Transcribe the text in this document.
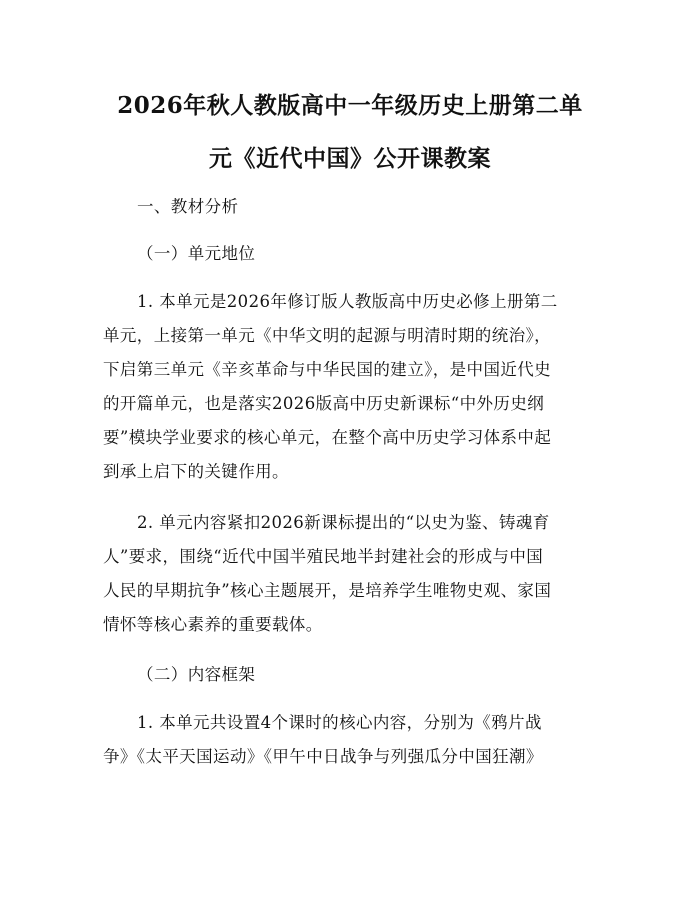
2026年秋人教版高中一年级历史上册第二单
元《近代中国》公开课教案
一、教材分析
（一）单元地位
1. 本单元是2026年修订版人教版高中历史必修上册第二
单元，上接第一单元《中华文明的起源与明清时期的统治》，
下启第三单元《辛亥革命与中华民国的建立》，是中国近代史
的开篇单元，也是落实2026版高中历史新课标“中外历史纲
要”模块学业要求的核心单元，在整个高中历史学习体系中起
到承上启下的关键作用。
2. 单元内容紧扣2026新课标提出的“以史为鉴、铸魂育
人”要求，围绕“近代中国半殖民地半封建社会的形成与中国
人民的早期抗争”核心主题展开，是培养学生唯物史观、家国
情怀等核心素养的重要载体。
（二）内容框架
1. 本单元共设置4个课时的核心内容，分别为《鸦片战
争》《太平天国运动》《甲午中日战争与列强瓜分中国狂潮》
